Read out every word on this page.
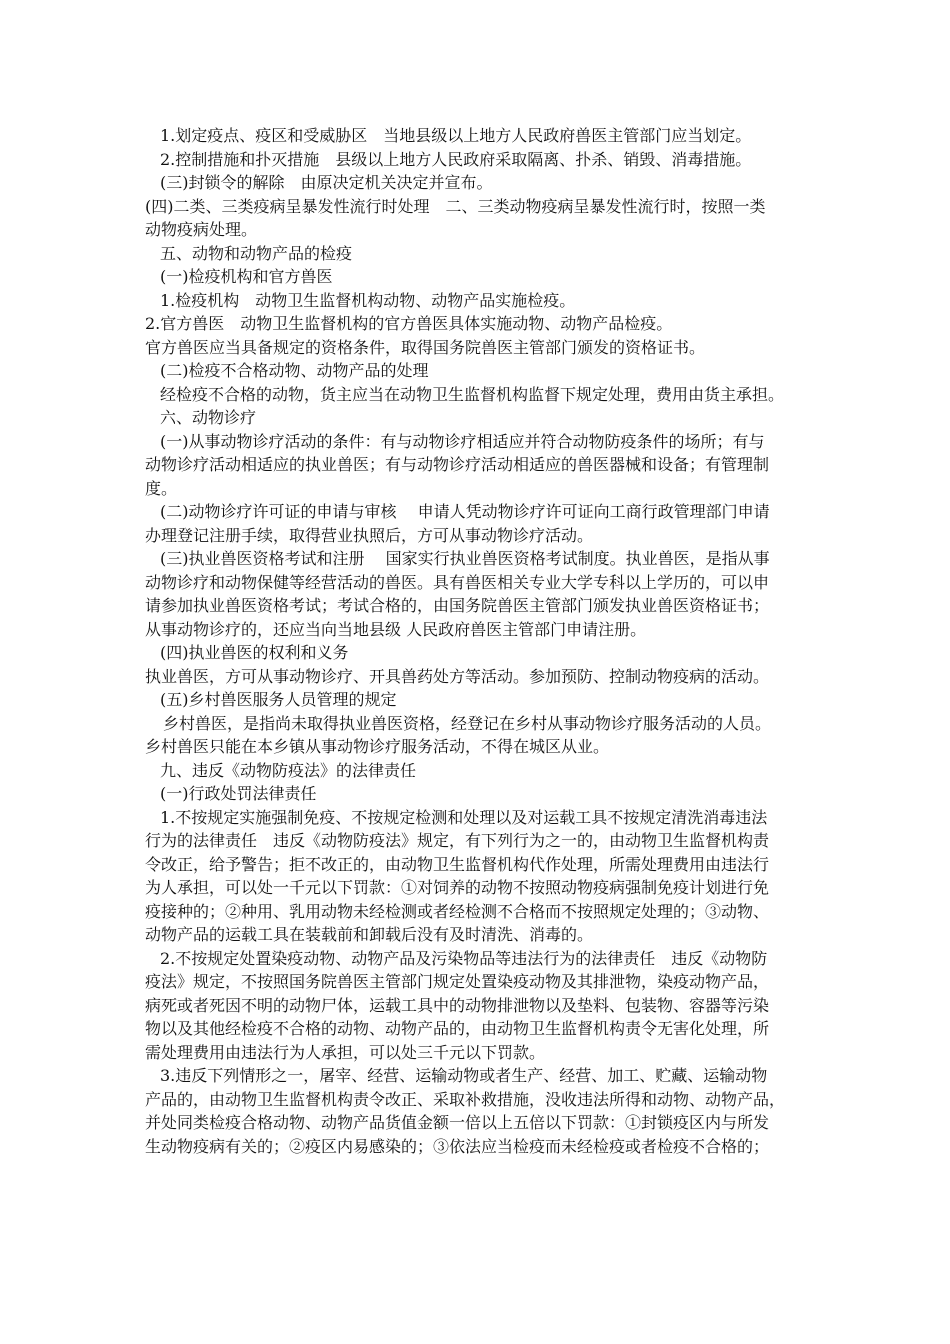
1.划定疫点、疫区和受威胁区　当地县级以上地方人民政府兽医主管部门应当划定。
2.控制措施和扑灭措施　县级以上地方人民政府采取隔离、扑杀、销毁、消毒措施。
(三)封锁令的解除　由原决定机关决定并宣布。
(四)二类、三类疫病呈暴发性流行时处理　二、三类动物疫病呈暴发性流行时，按照一类
动物疫病处理。
五、动物和动物产品的检疫
(一)检疫机构和官方兽医
1.检疫机构　动物卫生监督机构动物、动物产品实施检疫。
2.官方兽医　动物卫生监督机构的官方兽医具体实施动物、动物产品检疫。
官方兽医应当具备规定的资格条件，取得国务院兽医主管部门颁发的资格证书。
(二)检疫不合格动物、动物产品的处理
经检疫不合格的动物，货主应当在动物卫生监督机构监督下规定处理，费用由货主承担。
六、动物诊疗
(一)从事动物诊疗活动的条件：有与动物诊疗相适应并符合动物防疫条件的场所；有与
动物诊疗活动相适应的执业兽医；有与动物诊疗活动相适应的兽医器械和设备；有管理制
度。
(二)动物诊疗许可证的申请与审核　 申请人凭动物诊疗许可证向工商行政管理部门申请
办理登记注册手续，取得营业执照后，方可从事动物诊疗活动。
(三)执业兽医资格考试和注册　 国家实行执业兽医资格考试制度。执业兽医，是指从事
动物诊疗和动物保健等经营活动的兽医。具有兽医相关专业大学专科以上学历的，可以申
请参加执业兽医资格考试；考试合格的，由国务院兽医主管部门颁发执业兽医资格证书；
从事动物诊疗的，还应当向当地县级 人民政府兽医主管部门申请注册。
(四)执业兽医的权利和义务
执业兽医，方可从事动物诊疗、开具兽药处方等活动。参加预防、控制动物疫病的活动。
(五)乡村兽医服务人员管理的规定
乡村兽医，是指尚未取得执业兽医资格，经登记在乡村从事动物诊疗服务活动的人员。
乡村兽医只能在本乡镇从事动物诊疗服务活动，不得在城区从业。
九、违反《动物防疫法》的法律责任
(一)行政处罚法律责任
1.不按规定实施强制免疫、不按规定检测和处理以及对运载工具不按规定清洗消毒违法
行为的法律责任　违反《动物防疫法》规定，有下列行为之一的，由动物卫生监督机构责
令改正，给予警告；拒不改正的，由动物卫生监督机构代作处理，所需处理费用由违法行
为人承担，可以处一千元以下罚款：①对饲养的动物不按照动物疫病强制免疫计划进行免
疫接种的；②种用、乳用动物未经检测或者经检测不合格而不按照规定处理的；③动物、
动物产品的运载工具在装载前和卸载后没有及时清洗、消毒的。
2.不按规定处置染疫动物、动物产品及污染物品等违法行为的法律责任　违反《动物防
疫法》规定，不按照国务院兽医主管部门规定处置染疫动物及其排泄物，染疫动物产品，
病死或者死因不明的动物尸体，运载工具中的动物排泄物以及垫料、包装物、容器等污染
物以及其他经检疫不合格的动物、动物产品的，由动物卫生监督机构责令无害化处理，所
需处理费用由违法行为人承担，可以处三千元以下罚款。
3.违反下列情形之一，屠宰、经营、运输动物或者生产、经营、加工、贮藏、运输动物
产品的，由动物卫生监督机构责令改正、采取补救措施，没收违法所得和动物、动物产品，
并处同类检疫合格动物、动物产品货值金额一倍以上五倍以下罚款：①封锁疫区内与所发
生动物疫病有关的；②疫区内易感染的；③依法应当检疫而未经检疫或者检疫不合格的；
